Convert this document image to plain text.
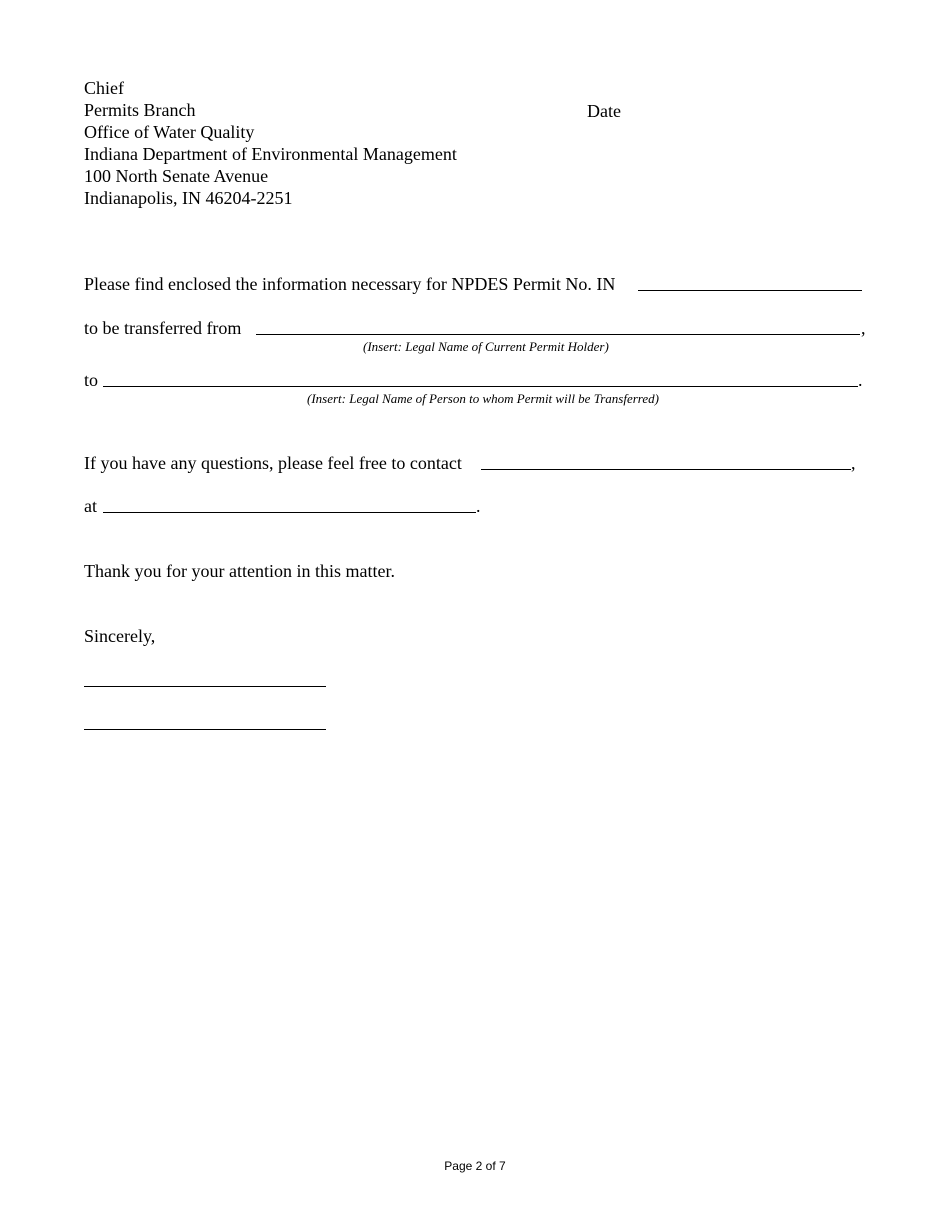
Chief
Permits Branch
Office of Water Quality
Indiana Department of Environmental Management
100 North Senate Avenue
Indianapolis, IN 46204-2251
Date
Please find enclosed the information necessary for NPDES Permit No. IN
to be transferred from	,
(Insert: Legal Name of Current Permit Holder)
to	.
(Insert: Legal Name of Person to whom Permit will be Transferred)
If you have any questions, please feel free to contact	,
at	.
Thank you for your attention in this matter.
Sincerely,
Page 2 of 7
